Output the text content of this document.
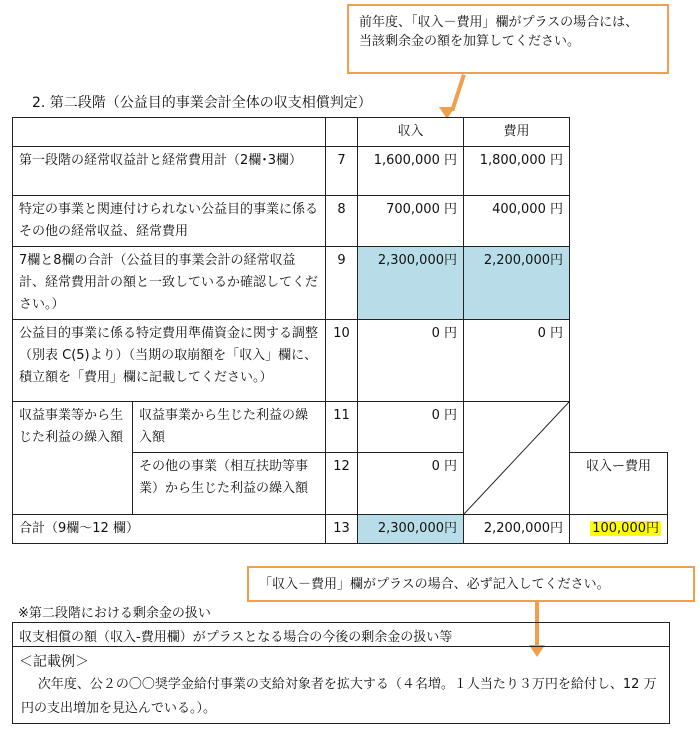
前年度、「収入－費用」欄がプラスの場合には、
当該剰余金の額を加算してください。
2. 第二段階（公益目的事業会計全体の収支相償判定）
			収入	費用	
第一段階の経常収益計と経常費用計（2欄･3欄）		7	1,600,000 円	1,800,000 円	
特定の事業と関連付けられない公益目的事業に係るその他の経常収益、経常費用		8	700,000 円	400,000 円	
7欄と8欄の合計（公益目的事業会計の経常収益計、経常費用計の額と一致しているか確認してください。）		9	2,300,000円	2,200,000円	
公益目的事業に係る特定費用準備資金に関する調整（別表 C(5)より）（当期の取崩額を「収入」欄に、積立額を「費用」欄に記載してください。）		10	0 円	0 円	
収益事業等から生じた利益の繰入額	収益事業から生じた利益の繰入額	11	0 円	

	その他の事業（相互扶助等事業）から生じた利益の繰入額	12	0 円		収入ー費用
合計（9欄～12 欄）		13	2,300,000円	2,200,000円	100,000円
「収入－費用」欄がプラスの場合、必ず記入してください。
※第二段階における剰余金の扱い
収支相償の額（収入-費用欄）がプラスとなる場合の今後の剰余金の扱い等
＜記載例＞
次年度、公２の〇〇奨学金給付事業の支給対象者を拡大する（４名増。１人当たり３万円を給付し、12 万円の支出増加を見込んでいる。）。
